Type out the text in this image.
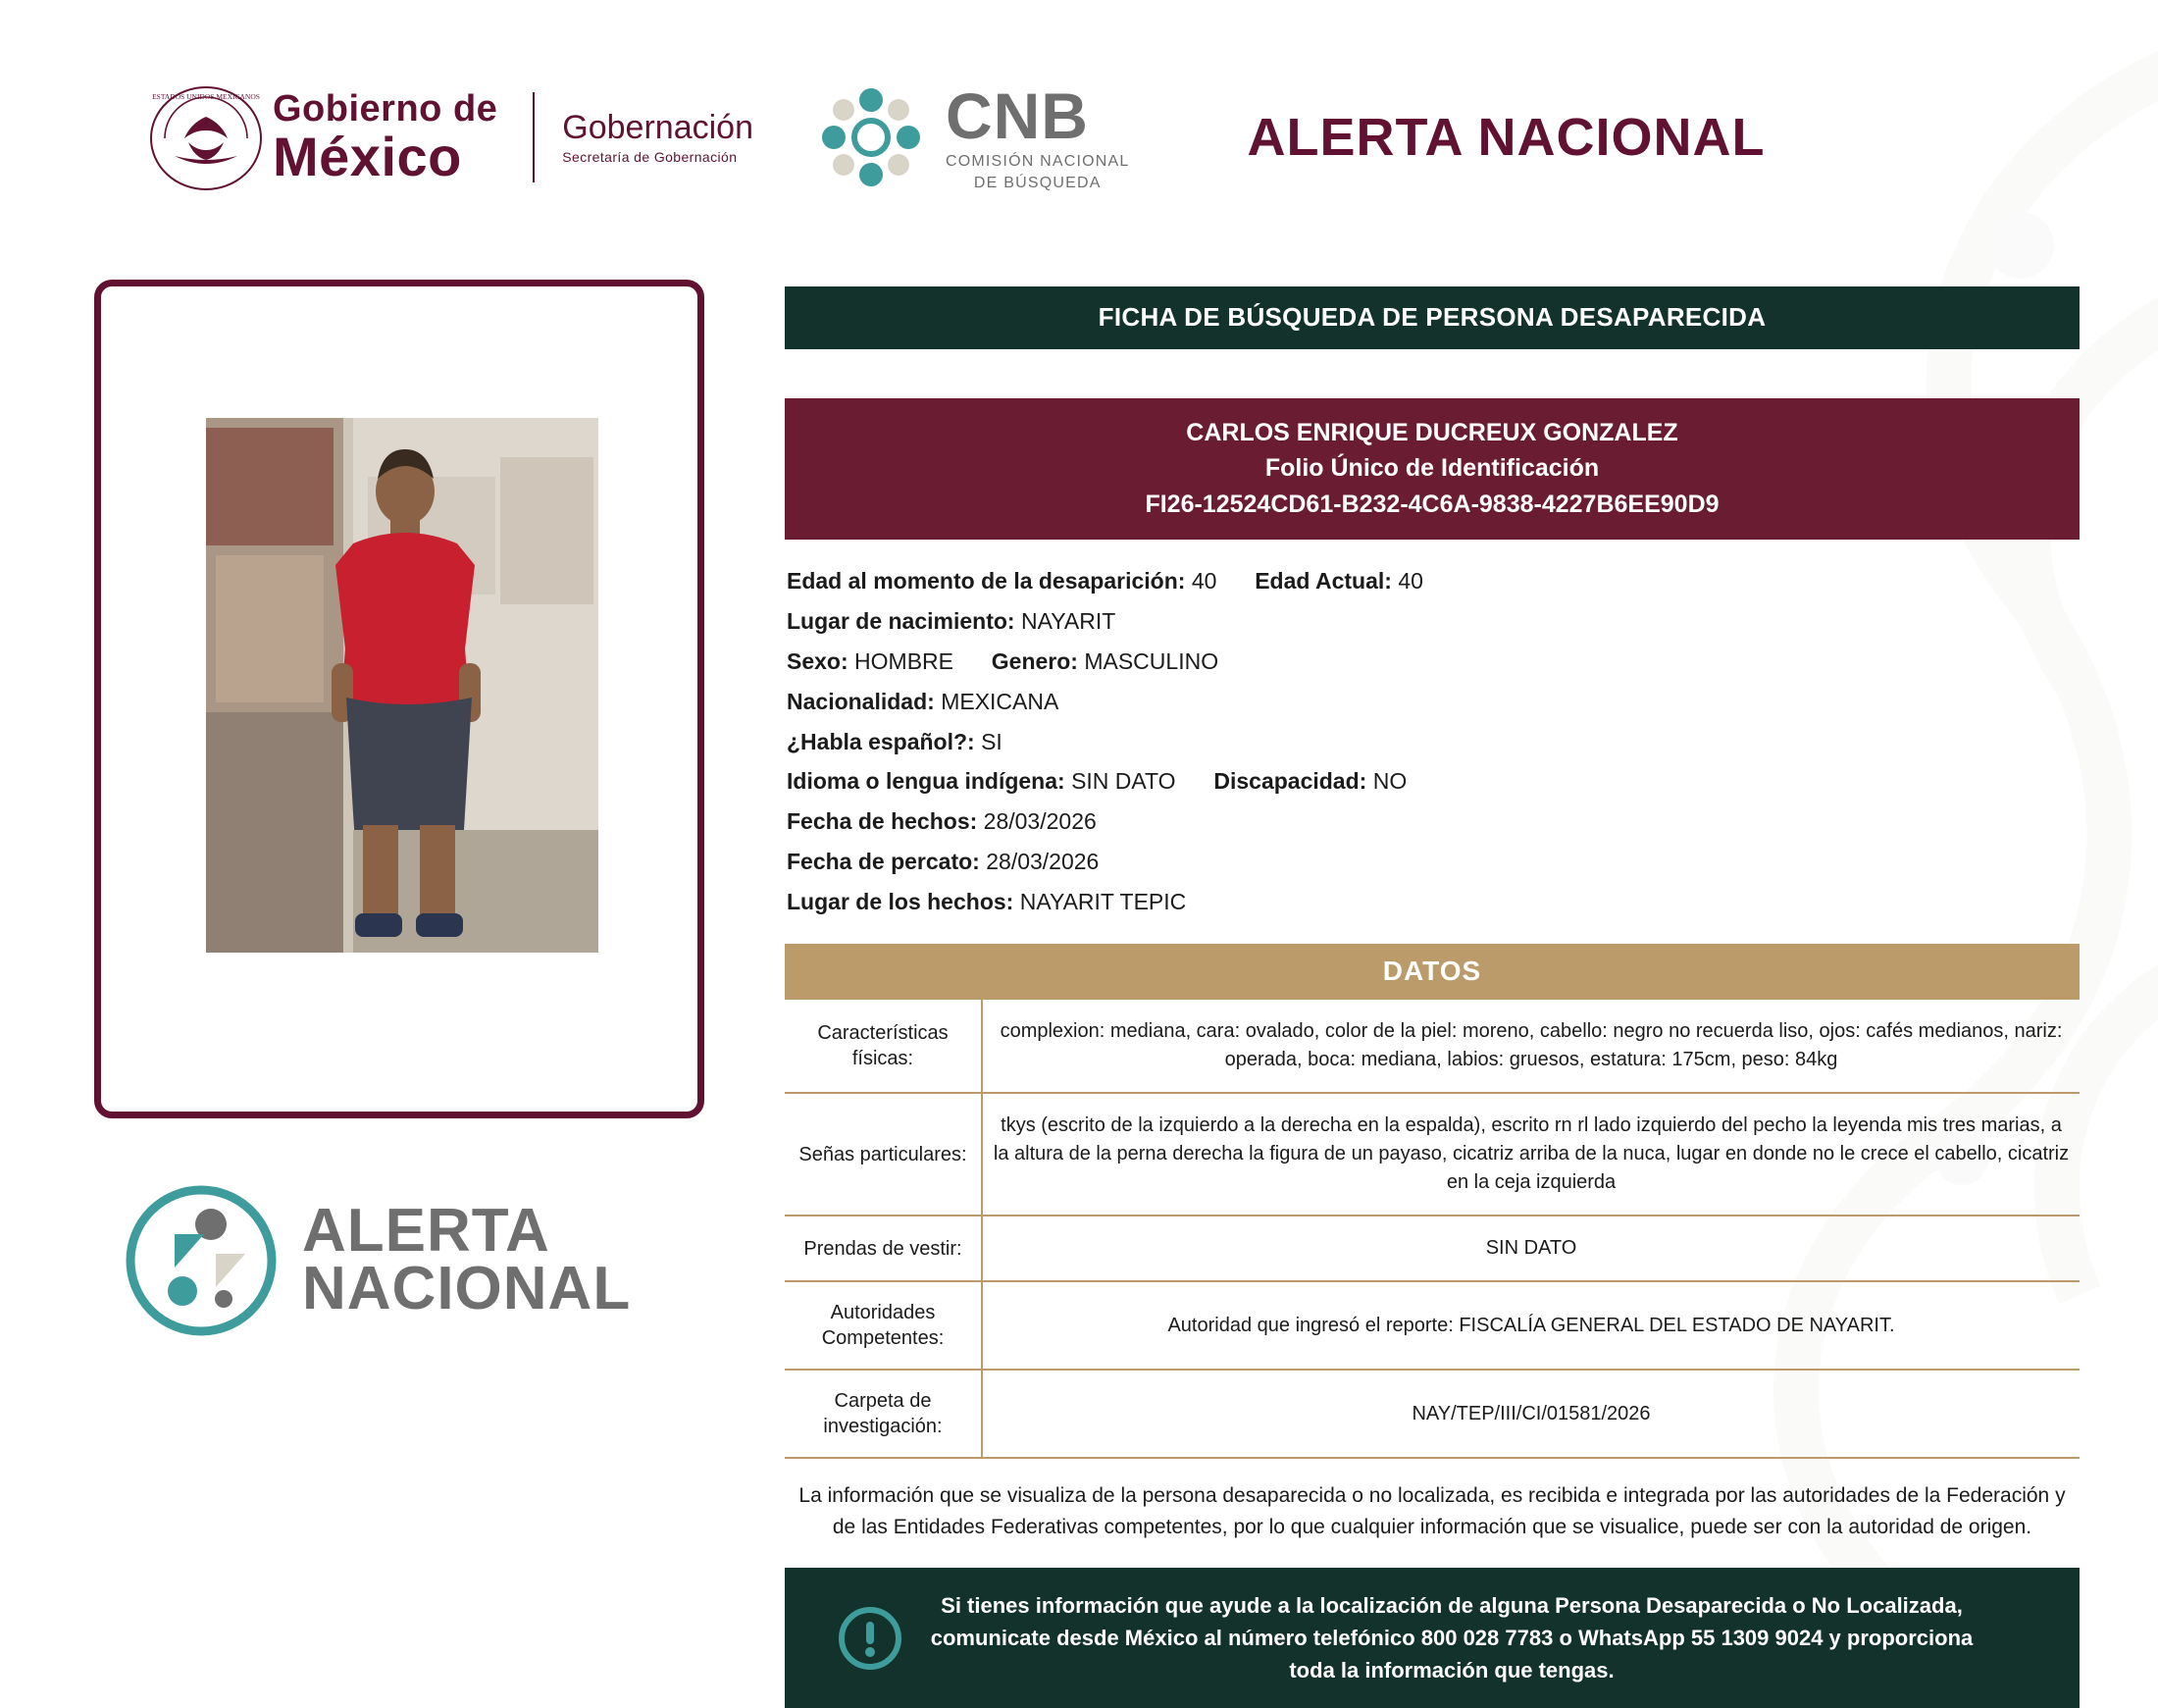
ESTADOS UNIDOS MEXICANOS Gobierno de
México	Gobernación
Secretaría de Gobernación
CNB
COMISIÓN NACIONAL
DE BÚSQUEDA
ALERTA NACIONAL
ALERTA
NACIONAL
FICHA DE BÚSQUEDA DE PERSONA DESAPARECIDA
CARLOS ENRIQUE DUCREUX GONZALEZ
Folio Único de Identificación
FI26-12524CD61-B232-4C6A-9838-4227B6EE90D9
Edad al momento de la desaparición: 40 Edad Actual: 40
Lugar de nacimiento: NAYARIT
Sexo: HOMBRE Genero: MASCULINO
Nacionalidad: MEXICANA
¿Habla español?: SI
Idioma o lengua indígena: SIN DATO Discapacidad: NO
Fecha de hechos: 28/03/2026
Fecha de percato: 28/03/2026
Lugar de los hechos: NAYARIT TEPIC
DATOS
Características físicas:	complexion: mediana, cara: ovalado, color de la piel: moreno, cabello: negro no recuerda liso, ojos: cafés medianos, nariz: operada, boca: mediana, labios: gruesos, estatura: 175cm, peso: 84kg
Señas particulares:	tkys (escrito de la izquierdo a la derecha en la espalda), escrito rn rl lado izquierdo del pecho la leyenda mis tres marias, a la altura de la perna derecha la figura de un payaso, cicatriz arriba de la nuca, lugar en donde no le crece el cabello, cicatriz en la ceja izquierda
Prendas de vestir:	SIN DATO
Autoridades Competentes:	Autoridad que ingresó el reporte: FISCALÍA GENERAL DEL ESTADO DE NAYARIT.
Carpeta de investigación:	NAY/TEP/III/CI/01581/2026
La información que se visualiza de la persona desaparecida o no localizada, es recibida e integrada por las autoridades de la Federación y de las Entidades Federativas competentes, por lo que cualquier información que se visualice, puede ser con la autoridad de origen.
Si tienes información que ayude a la localización de alguna Persona Desaparecida o No Localizada, comunicate desde México al número telefónico 800 028 7783 o WhatsApp 55 1309 9024 y proporciona toda la información que tengas.
